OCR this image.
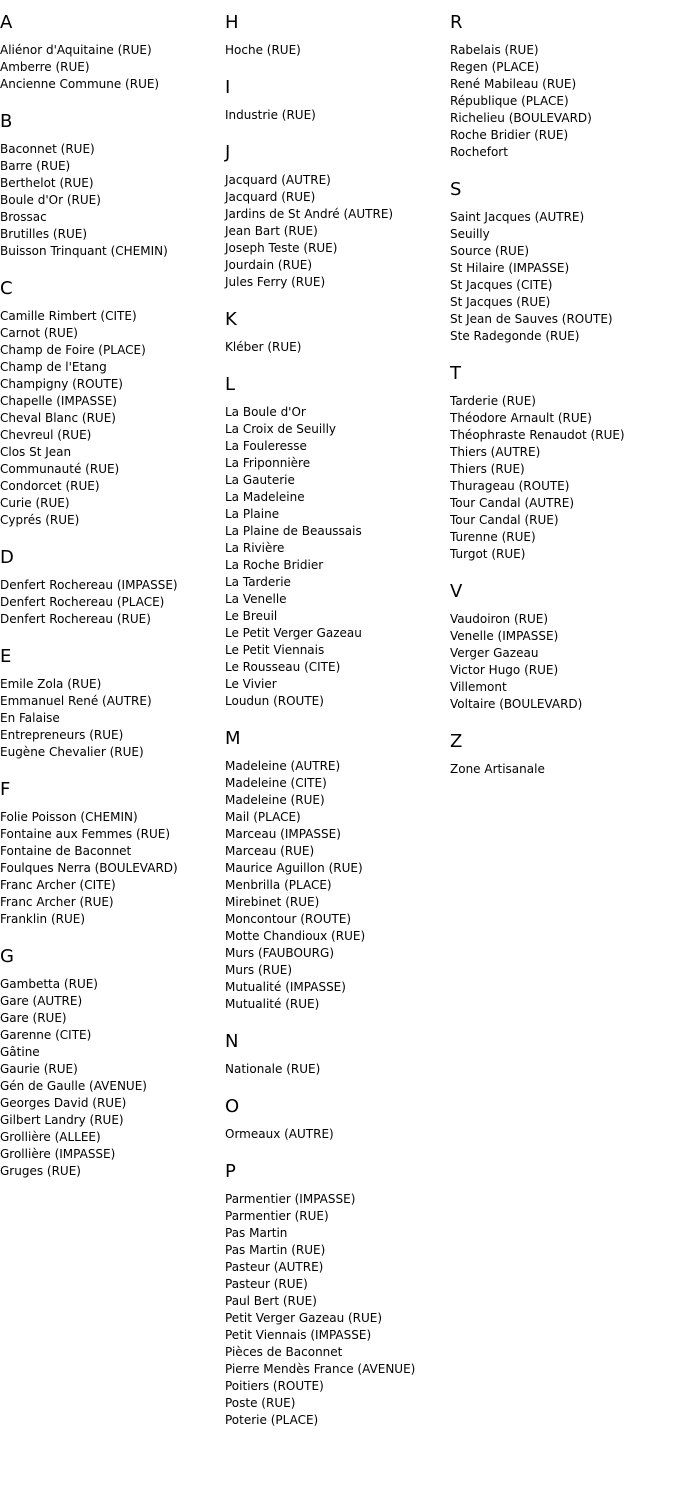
A
Aliénor d'Aquitaine (RUE)
Amberre (RUE)
Ancienne Commune (RUE)
B
Baconnet (RUE)
Barre (RUE)
Berthelot (RUE)
Boule d'Or (RUE)
Brossac
Brutilles (RUE)
Buisson Trinquant (CHEMIN)
C
Camille Rimbert (CITE)
Carnot (RUE)
Champ de Foire (PLACE)
Champ de l'Etang
Champigny (ROUTE)
Chapelle (IMPASSE)
Cheval Blanc (RUE)
Chevreul (RUE)
Clos St Jean
Communauté (RUE)
Condorcet (RUE)
Curie (RUE)
Cyprés (RUE)
D
Denfert Rochereau (IMPASSE)
Denfert Rochereau (PLACE)
Denfert Rochereau (RUE)
E
Emile Zola (RUE)
Emmanuel René (AUTRE)
En Falaise
Entrepreneurs (RUE)
Eugène Chevalier (RUE)
F
Folie Poisson (CHEMIN)
Fontaine aux Femmes (RUE)
Fontaine de Baconnet
Foulques Nerra (BOULEVARD)
Franc Archer (CITE)
Franc Archer (RUE)
Franklin (RUE)
G
Gambetta (RUE)
Gare (AUTRE)
Gare (RUE)
Garenne (CITE)
Gâtine
Gaurie (RUE)
Gén de Gaulle (AVENUE)
Georges David (RUE)
Gilbert Landry (RUE)
Grollière (ALLEE)
Grollière (IMPASSE)
Gruges (RUE)
H
Hoche (RUE)
I
Industrie (RUE)
J
Jacquard (AUTRE)
Jacquard (RUE)
Jardins de St André (AUTRE)
Jean Bart (RUE)
Joseph Teste (RUE)
Jourdain (RUE)
Jules Ferry (RUE)
K
Kléber (RUE)
L
La Boule d'Or
La Croix de Seuilly
La Fouleresse
La Friponnière
La Gauterie
La Madeleine
La Plaine
La Plaine de Beaussais
La Rivière
La Roche Bridier
La Tarderie
La Venelle
Le Breuil
Le Petit Verger Gazeau
Le Petit Viennais
Le Rousseau (CITE)
Le Vivier
Loudun (ROUTE)
M
Madeleine (AUTRE)
Madeleine (CITE)
Madeleine (RUE)
Mail (PLACE)
Marceau (IMPASSE)
Marceau (RUE)
Maurice Aguillon (RUE)
Menbrilla (PLACE)
Mirebinet (RUE)
Moncontour (ROUTE)
Motte Chandioux (RUE)
Murs (FAUBOURG)
Murs (RUE)
Mutualité (IMPASSE)
Mutualité (RUE)
N
Nationale (RUE)
O
Ormeaux (AUTRE)
P
Parmentier (IMPASSE)
Parmentier (RUE)
Pas Martin
Pas Martin (RUE)
Pasteur (AUTRE)
Pasteur (RUE)
Paul Bert (RUE)
Petit Verger Gazeau (RUE)
Petit Viennais (IMPASSE)
Pièces de Baconnet
Pierre Mendès France (AVENUE)
Poitiers (ROUTE)
Poste (RUE)
Poterie (PLACE)
R
Rabelais (RUE)
Regen (PLACE)
René Mabileau (RUE)
République (PLACE)
Richelieu (BOULEVARD)
Roche Bridier (RUE)
Rochefort
S
Saint Jacques (AUTRE)
Seuilly
Source (RUE)
St Hilaire (IMPASSE)
St Jacques (CITE)
St Jacques (RUE)
St Jean de Sauves (ROUTE)
Ste Radegonde (RUE)
T
Tarderie (RUE)
Théodore Arnault (RUE)
Théophraste Renaudot (RUE)
Thiers (AUTRE)
Thiers (RUE)
Thurageau (ROUTE)
Tour Candal (AUTRE)
Tour Candal (RUE)
Turenne (RUE)
Turgot (RUE)
V
Vaudoiron (RUE)
Venelle (IMPASSE)
Verger Gazeau
Victor Hugo (RUE)
Villemont
Voltaire (BOULEVARD)
Z
Zone Artisanale
